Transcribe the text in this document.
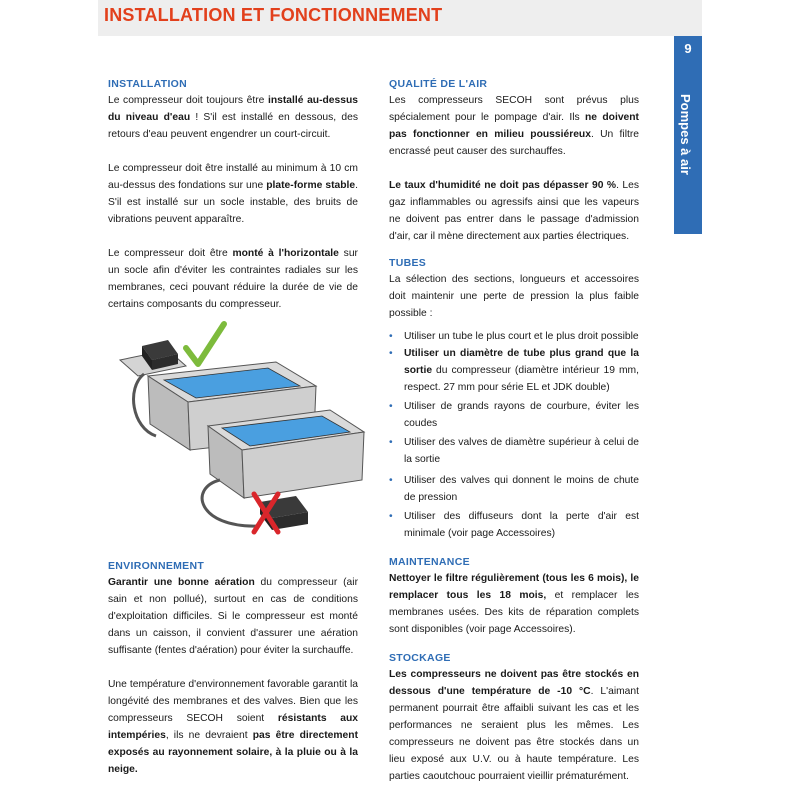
INSTALLATION ET FONCTIONNEMENT
9
Pompes à air
INSTALLATION

Le compresseur doit toujours être installé au-dessus du niveau d'eau ! S'il est installé en dessous, des retours d'eau peuvent engendrer un court-circuit.

Le compresseur doit être installé au minimum à 10 cm au-dessus des fondations sur une plate-forme stable. S'il est installé sur un socle instable, des bruits de vibrations peuvent apparaître.

Le compresseur doit être monté à l'horizontale sur un socle afin d'éviter les contraintes radiales sur les membranes, ceci pouvant réduire la durée de vie de certains composants du compresseur.

ENVIRONNEMENT

Garantir une bonne aération du compresseur (air sain et non pollué), surtout en cas de conditions d'exploitation difficiles. Si le compresseur est monté dans un caisson, il convient d'assurer une aération suffisante (fentes d'aération) pour éviter la surchauffe.

Une température d'environnement favorable garantit la longévité des membranes et des valves. Bien que les compresseurs SECOH soient résistants aux intempéries, ils ne devraient pas être directement exposés au rayonnement solaire, à la pluie ou à la neige.

QUALITÉ DE L'AIR

Les compresseurs SECOH sont prévus plus spécialement pour le pompage d'air. Ils ne doivent pas fonctionner en milieu poussiéreux. Un filtre encrassé peut causer des surchauffes.

Le taux d'humidité ne doit pas dépasser 90 %. Les gaz inflammables ou agressifs ainsi que les vapeurs ne doivent pas entrer dans le passage d'admission d'air, car il mène directement aux parties électriques.

TUBES

La sélection des sections, longueurs et accessoires doit maintenir une perte de pression la plus faible possible :

• Utiliser un tube le plus court et le plus droit possible
• Utiliser un diamètre de tube plus grand que la sortie du compresseur (diamètre intérieur 19 mm, respect. 27 mm pour série EL et JDK double)
• Utiliser de grands rayons de courbure, éviter les coudes
• Utiliser des valves de diamètre supérieur à celui de la sortie
• Utiliser des valves qui donnent le moins de chute de pression
• Utiliser des diffuseurs dont la perte d'air est minimale (voir page Accessoires)
MAINTENANCE

Nettoyer le filtre régulièrement (tous les 6 mois), le remplacer tous les 18 mois, et remplacer les membranes usées. Des kits de réparation complets sont disponibles (voir page Accessoires).

STOCKAGE

Les compresseurs ne doivent pas être stockés en dessous d'une température de -10 °C. L'aimant permanent pourrait être affaibli suivant les cas et les performances ne seraient plus les mêmes. Les compresseurs ne doivent pas être stockés dans un lieu exposé aux U.V. ou à haute température. Les parties caoutchouc pourraient vieillir prématurément.
